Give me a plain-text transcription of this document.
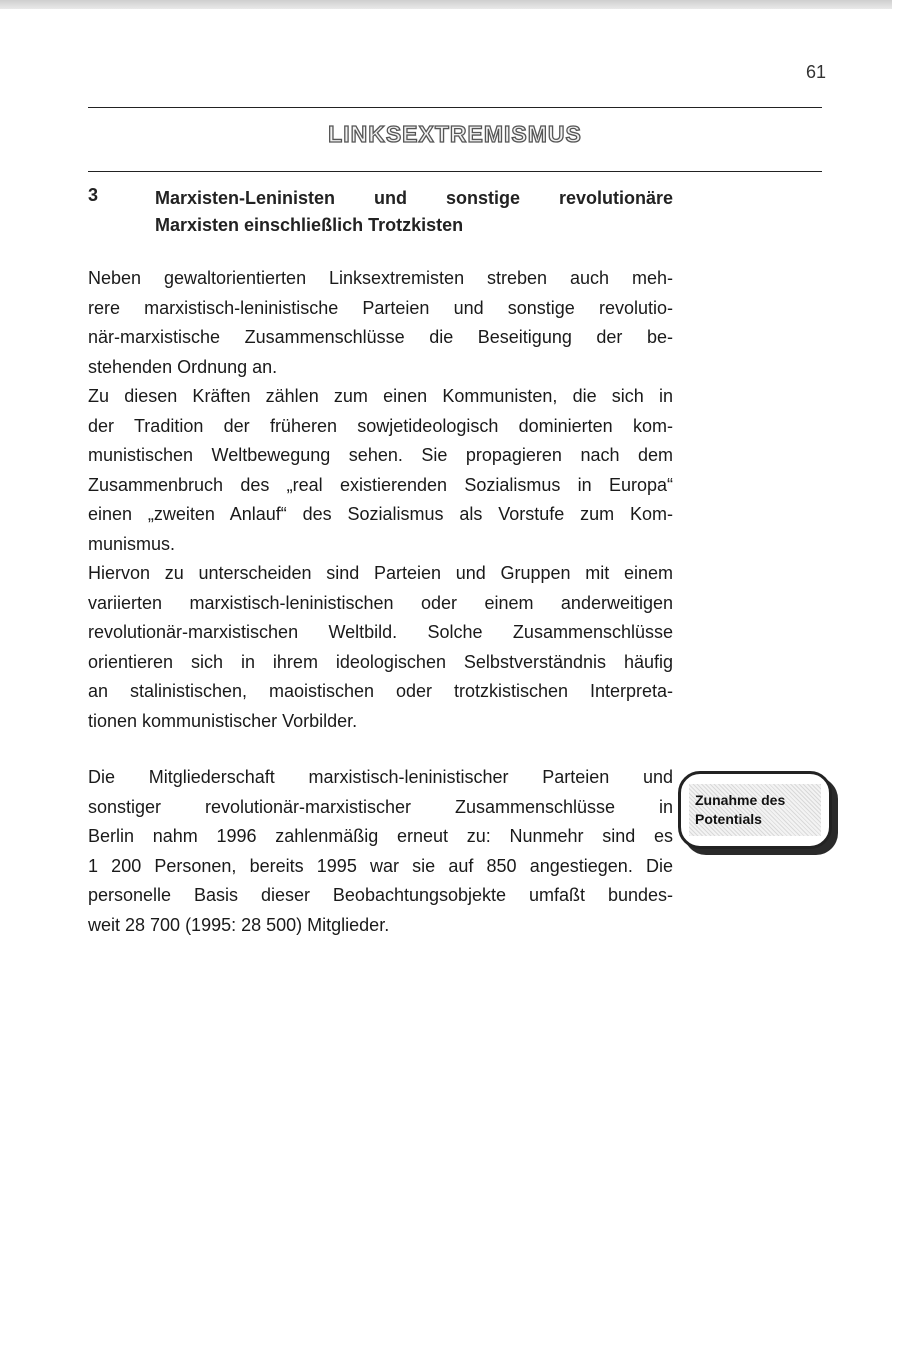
61
LINKSEXTREMISMUS
3	Marxisten-Leninisten und sonstige revolutionäre
Marxisten einschließlich Trotzkisten
Neben gewaltorientierten Linksextremisten streben auch meh-
rere marxistisch-leninistische Parteien und sonstige revolutio-
när-marxistische Zusammenschlüsse die Beseitigung der be-
stehenden Ordnung an.
Zu diesen Kräften zählen zum einen Kommunisten, die sich in
der Tradition der früheren sowjetideologisch dominierten kom-
munistischen Weltbewegung sehen. Sie propagieren nach dem
Zusammenbruch des „real existierenden Sozialismus in Europa“
einen „zweiten Anlauf“ des Sozialismus als Vorstufe zum Kom-
munismus.
Hiervon zu unterscheiden sind Parteien und Gruppen mit einem
variierten marxistisch-leninistischen oder einem anderweitigen
revolutionär-marxistischen Weltbild. Solche Zusammenschlüsse
orientieren sich in ihrem ideologischen Selbstverständnis häufig
an stalinistischen, maoistischen oder trotzkistischen Interpreta-
tionen kommunistischer Vorbilder.
Die Mitgliederschaft marxistisch-leninistischer Parteien und
sonstiger revolutionär-marxistischer Zusammenschlüsse in
Berlin nahm 1996 zahlenmäßig erneut zu: Nunmehr sind es
1 200 Personen, bereits 1995 war sie auf 850 angestiegen. Die
personelle Basis dieser Beobachtungsobjekte umfaßt bundes-
weit 28 700 (1995: 28 500) Mitglieder.
Zunahme des
Potentials
